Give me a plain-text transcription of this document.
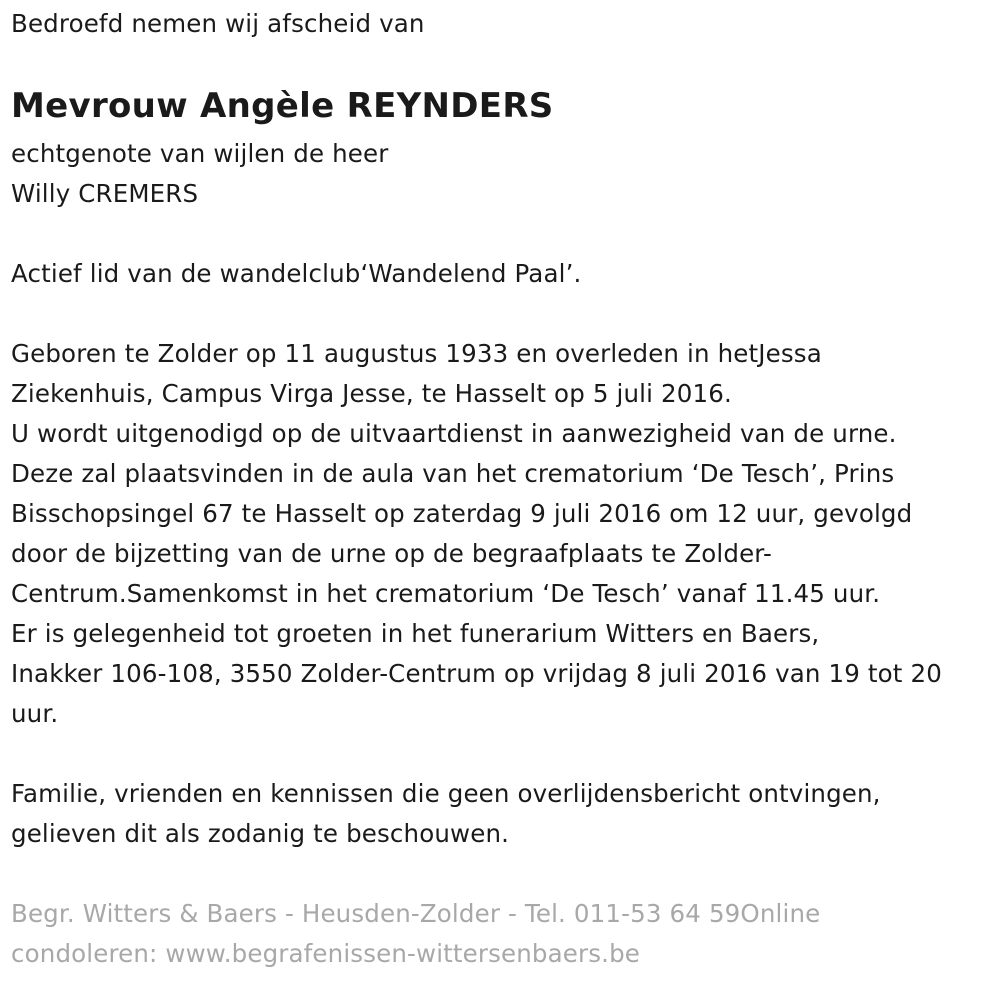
Bedroefd nemen wij afscheid van
Mevrouw Angèle REYNDERS
echtgenote van wijlen de heer
Willy CREMERS
Actief lid van de wandelclub‘Wandelend Paal’.
Geboren te Zolder op 11 augustus 1933 en overleden in hetJessa
Ziekenhuis, Campus Virga Jesse, te Hasselt op 5 juli 2016.
U wordt uitgenodigd op de uitvaartdienst in aanwezigheid van de urne.
Deze zal plaatsvinden in de aula van het crematorium ‘De Tesch’, Prins
Bisschopsingel 67 te Hasselt op zaterdag 9 juli 2016 om 12 uur, gevolgd
door de bijzetting van de urne op de begraafplaats te Zolder-
Centrum.Samenkomst in het crematorium ‘De Tesch’ vanaf 11.45 uur.
Er is gelegenheid tot groeten in het funerarium Witters en Baers,
Inakker 106-108, 3550 Zolder-Centrum op vrijdag 8 juli 2016 van 19 tot 20
uur.
Familie, vrienden en kennissen die geen overlijdensbericht ontvingen,
gelieven dit als zodanig te beschouwen.
Begr. Witters & Baers - Heusden-Zolder - Tel. 011-53 64 59Online
condoleren: www.begrafenissen-wittersenbaers.be
